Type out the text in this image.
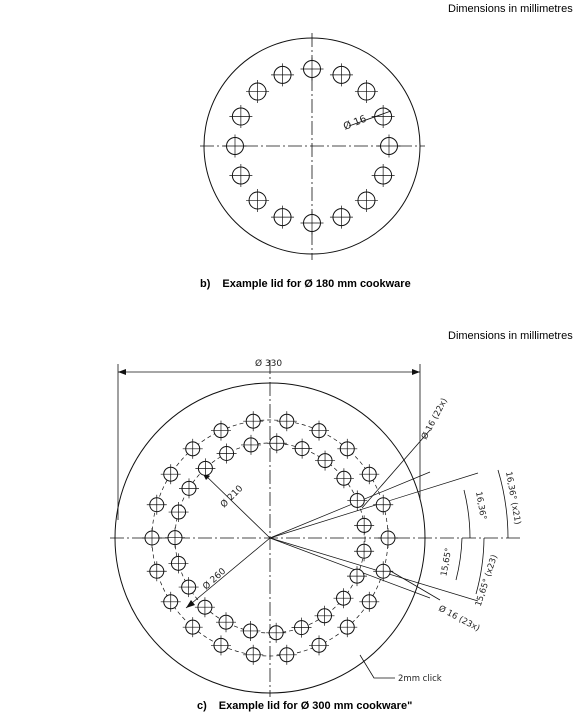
Dimensions in millimetres
Ø 16
Ø 330
Ø 210
Ø 260
Ø 16 (22x)
Ø 16 (23x)
16,36° (x21)
16,36°
15,65° 15,65° (x23)
2mm click
b) Example lid for Ø 180 mm cookware
Dimensions in millimetres
c) Example lid for Ø 300 mm cookware"
